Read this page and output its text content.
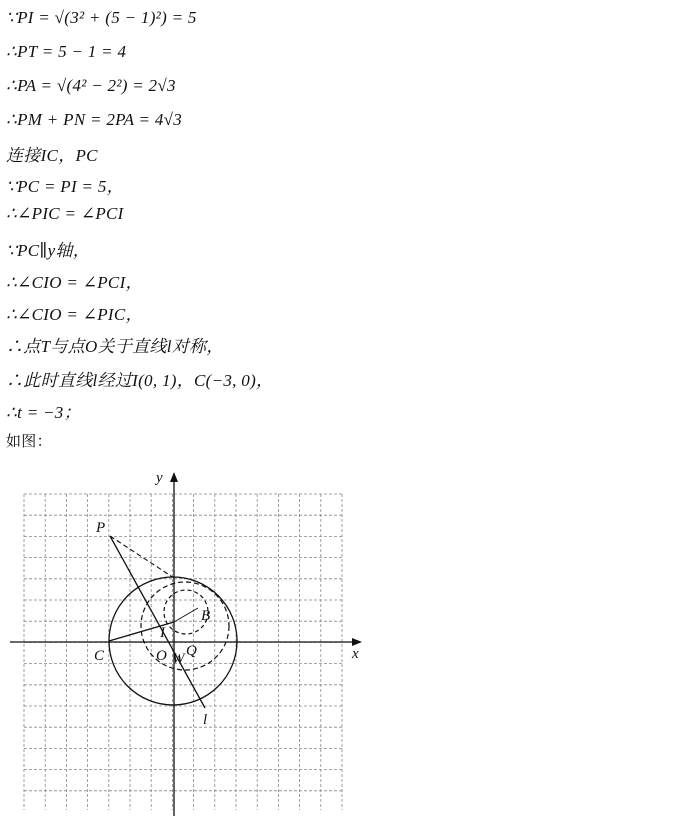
∵PI = √(3² + (5 − 1)²) = 5
∴PT = 5 − 1 = 4
∴PA = √(4² − 2²) = 2√3
∴PM + PN = 2PA = 4√3
连接IC，PC
∵PC = PI = 5，
∴∠PIC = ∠PCI
∵PC∥y轴，
∴∠CIO = ∠PCI，
∴∠CIO = ∠PIC，
∴点T与点O关于直线l对称，
∴此时直线l经过I(0, 1)，C(−3, 0)，
∴t = −3；
如图：
y
x
P
B
I
C	O W Q
l
